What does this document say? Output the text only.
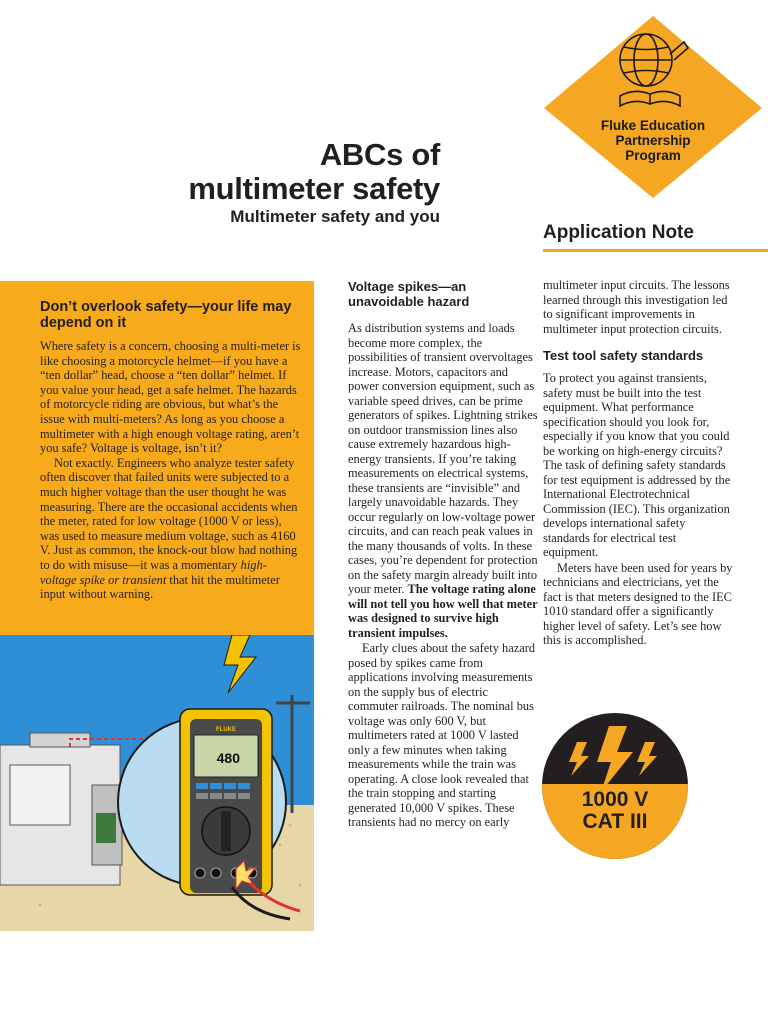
ABCs of
multimeter safety
Multimeter safety and you
Fluke Education
Partnership
Program
Application Note
Don’t overlook safety—your life may depend on it

Where safety is a concern, choosing a multi-meter is like choosing a motorcycle helmet—if you have a “ten dollar” head, choose a “ten dollar” helmet. If you value your head, get a safe helmet. The hazards of motorcycle riding are obvious, but what’s the issue with multi-meters? As long as you choose a multimeter with a high enough voltage rating, aren’t you safe? Voltage is voltage, isn’t it?

Not exactly. Engineers who analyze tester safety often discover that failed units were subjected to a much higher voltage than the user thought he was measuring. There are the occasional accidents when the meter, rated for low voltage (1000 V or less), was used to measure medium voltage, such as 4160 V. Just as common, the knock-out blow had nothing to do with misuse—it was a momentary high-voltage spike or transient that hit the multimeter input without warning.

480
FLUKE
Voltage spikes—an unavoidable hazard

As distribution systems and loads become more complex, the possibilities of transient overvoltages increase. Motors, capacitors and power conversion equipment, such as variable speed drives, can be prime generators of spikes. Lightning strikes on outdoor transmission lines also cause extremely hazardous high-energy transients. If you’re taking measurements on electrical systems, these transients are “invisible” and largely unavoidable hazards. They occur regularly on low-voltage power circuits, and can reach peak values in the many thousands of volts. In these cases, you’re dependent for protection on the safety margin already built into your meter. The voltage rating alone will not tell you how well that meter was designed to survive high transient impulses.

Early clues about the safety hazard posed by spikes came from applications involving measurements on the supply bus of electric commuter railroads. The nominal bus voltage was only 600 V, but multimeters rated at 1000 V lasted only a few minutes when taking measurements while the train was operating. A close look revealed that the train stopping and starting generated 10,000 V spikes. These transients had no mercy on early

multimeter input circuits. The lessons learned through this investigation led to significant improvements in multimeter input protection circuits.

Test tool safety standards

To protect you against transients, safety must be built into the test equipment. What performance specification should you look for, especially if you know that you could be working on high-energy circuits? The task of defining safety standards for test equipment is addressed by the International Electrotechnical Commission (IEC). This organization develops international safety standards for electrical test equipment.

Meters have been used for years by technicians and electricians, yet the fact is that meters designed to the IEC 1010 standard offer a significantly higher level of safety. Let’s see how this is accomplished.

1000 V
CAT III
